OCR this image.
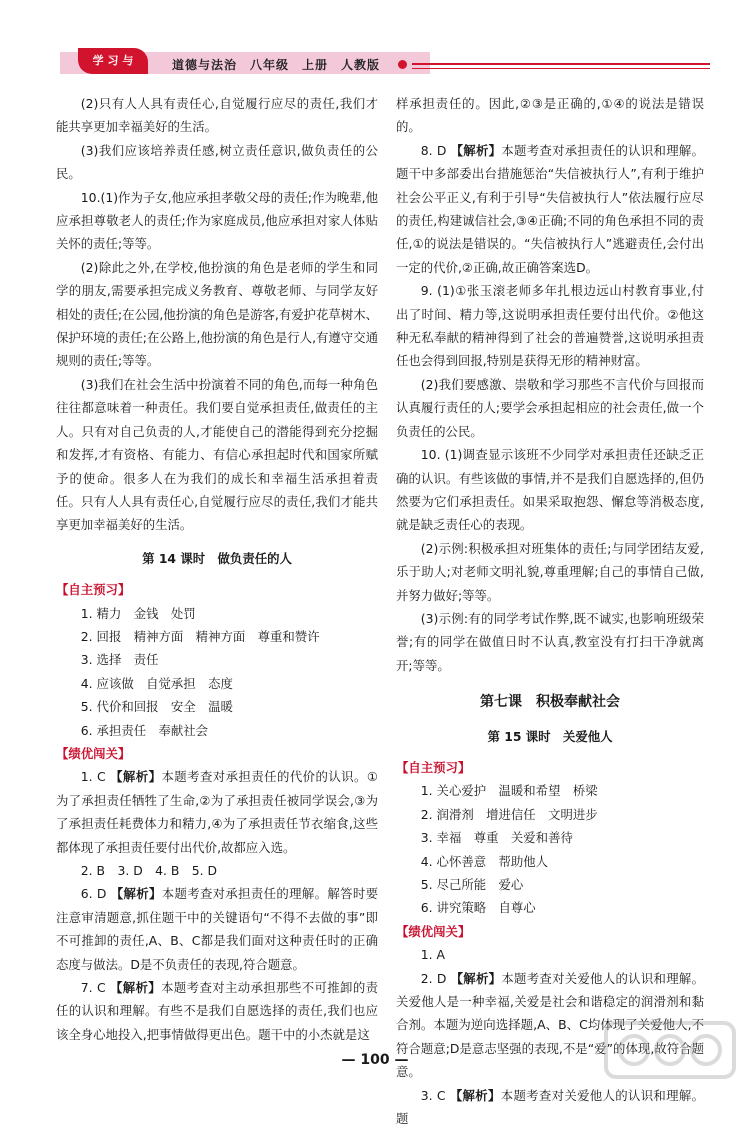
学 习 与	道德与法治　八年级　上册　人教版

(2)只有人人具有责任心,自觉履行应尽的责任,我们才能共享更加幸福美好的生活。

(3)我们应该培养责任感,树立责任意识,做负责任的公民。

10.(1)作为子女,他应承担孝敬父母的责任;作为晚辈,他应承担尊敬老人的责任;作为家庭成员,他应承担对家人体贴关怀的责任;等等。

(2)除此之外,在学校,他扮演的角色是老师的学生和同学的朋友,需要承担完成义务教育、尊敬老师、与同学友好相处的责任;在公园,他扮演的角色是游客,有爱护花草树木、保护环境的责任;在公路上,他扮演的角色是行人,有遵守交通规则的责任;等等。

(3)我们在社会生活中扮演着不同的角色,而每一种角色往往都意味着一种责任。我们要自觉承担责任,做责任的主人。只有对自己负责的人,才能使自己的潜能得到充分挖掘和发挥,才有资格、有能力、有信心承担起时代和国家所赋予的使命。很多人在为我们的成长和幸福生活承担着责任。只有人人具有责任心,自觉履行应尽的责任,我们才能共享更加幸福美好的生活。

第 14 课时　做负责任的人
【自主预习】

1. 精力　金钱　处罚

2. 回报　精神方面　精神方面　尊重和赞许

3. 选择　责任

4. 应该做　自觉承担　态度

5. 代价和回报　安全　温暖

6. 承担责任　奉献社会

【绩优闯关】

1. C 【解析】本题考查对承担责任的代价的认识。①为了承担责任牺牲了生命,②为了承担责任被同学误会,③为了承担责任耗费体力和精力,④为了承担责任节衣缩食,这些都体现了承担责任要付出代价,故都应入选。

2. B　3. D　4. B　5. D

6. D 【解析】本题考查对承担责任的理解。解答时要注意审清题意,抓住题干中的关键语句“不得不去做的事”即不可推卸的责任,A、B、C都是我们面对这种责任时的正确态度与做法。D是不负责任的表现,符合题意。

7. C 【解析】本题考查对主动承担那些不可推卸的责任的认识和理解。有些不是我们自愿选择的责任,我们也应该全身心地投入,把事情做得更出色。题干中的小杰就是这

样承担责任的。因此,②③是正确的,①④的说法是错误的。

8. D 【解析】本题考查对承担责任的认识和理解。题干中多部委出台措施惩治“失信被执行人”,有利于维护社会公平正义,有利于引导“失信被执行人”依法履行应尽的责任,构建诚信社会,③④正确;不同的角色承担不同的责任,①的说法是错误的。“失信被执行人”逃避责任,会付出一定的代价,②正确,故正确答案选D。

9. (1)①张玉滚老师多年扎根边远山村教育事业,付出了时间、精力等,这说明承担责任要付出代价。②他这种无私奉献的精神得到了社会的普遍赞誉,这说明承担责任也会得到回报,特别是获得无形的精神财富。

(2)我们要感激、崇敬和学习那些不言代价与回报而认真履行责任的人;要学会承担起相应的社会责任,做一个负责任的公民。

10. (1)调查显示该班不少同学对承担责任还缺乏正确的认识。有些该做的事情,并不是我们自愿选择的,但仍然要为它们承担责任。如果采取抱怨、懈怠等消极态度,就是缺乏责任心的表现。

(2)示例:积极承担对班集体的责任;与同学团结友爱,乐于助人;对老师文明礼貌,尊重理解;自己的事情自己做,并努力做好;等等。

(3)示例:有的同学考试作弊,既不诚实,也影响班级荣誉;有的同学在做值日时不认真,教室没有打扫干净就离开;等等。

第七课　积极奉献社会
第 15 课时　关爱他人
【自主预习】

1. 关心爱护　温暖和希望　桥梁

2. 润滑剂　增进信任　文明进步

3. 幸福　尊重　关爱和善待

4. 心怀善意　帮助他人

5. 尽己所能　爱心

6. 讲究策略　自尊心

【绩优闯关】

1. A

2. D 【解析】本题考查对关爱他人的认识和理解。关爱他人是一种幸福,关爱是社会和谐稳定的润滑剂和黏合剂。本题为逆向选择题,A、B、C均体现了关爱他人,不符合题意;D是意志坚强的表现,不是“爱”的体现,故符合题意。

3. C 【解析】本题考查对关爱他人的认识和理解。题

— 100 —
